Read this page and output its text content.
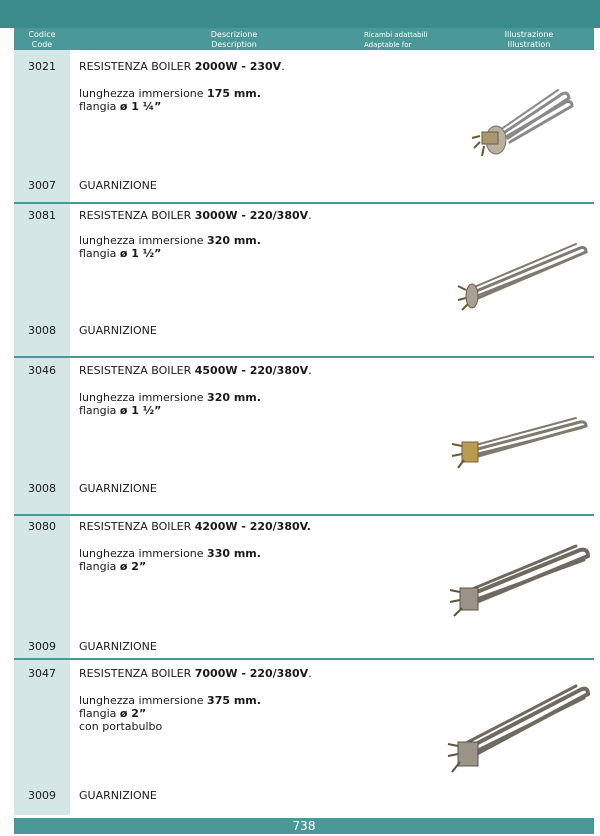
Codice
Code
Descrizione
Description
Ricambi adattabili
Adaptable for
Illustrazione
Illustration
3021	RESISTENZA BOILER 2000W - 230V.
lunghezza immersione 175 mm.
flangia ø 1 ¼”
3007	GUARNIZIONE
3081	RESISTENZA BOILER 3000W - 220/380V.
lunghezza immersione 320 mm.
flangia ø 1 ½”
3008	GUARNIZIONE
3046	RESISTENZA BOILER 4500W - 220/380V.
lunghezza immersione 320 mm.
flangia ø 1 ½”
3008	GUARNIZIONE
3080	RESISTENZA BOILER 4200W - 220/380V.
lunghezza immersione 330 mm.
flangia ø 2”
3009	GUARNIZIONE
3047	RESISTENZA BOILER 7000W - 220/380V.
lunghezza immersione 375 mm.
flangia ø 2”
con portabulbo
3009	GUARNIZIONE
738
